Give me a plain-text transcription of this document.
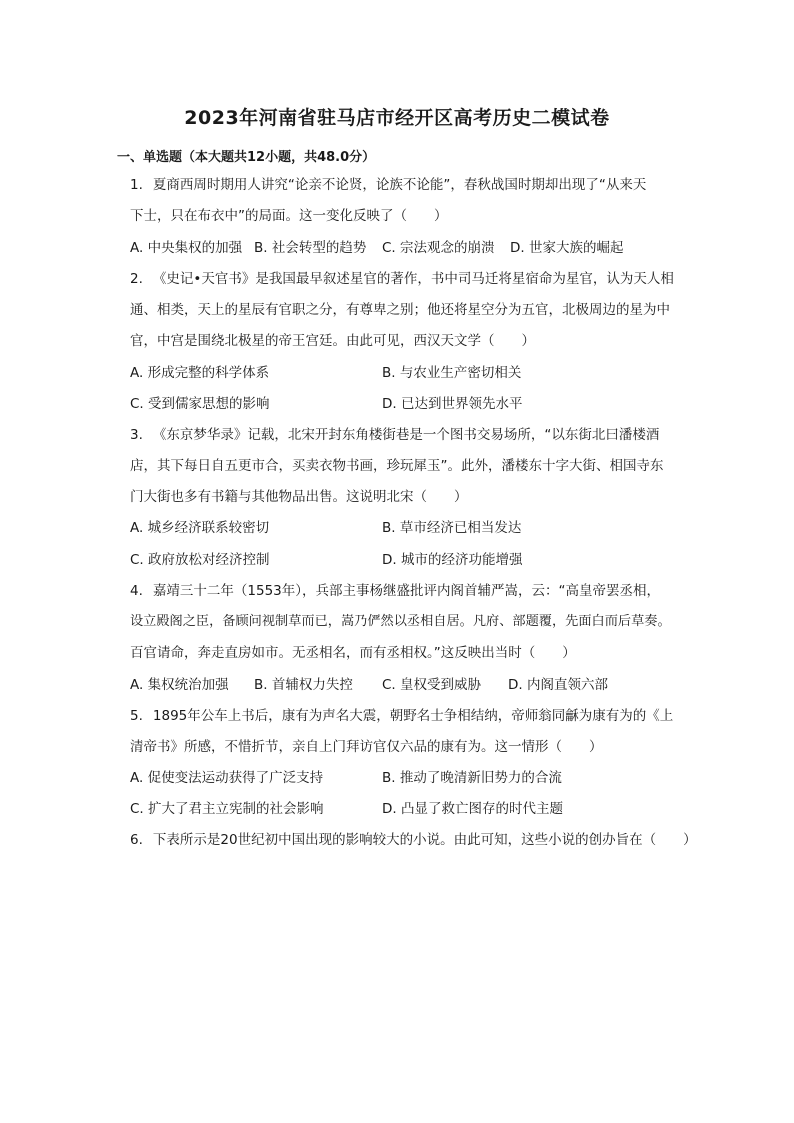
2023年河南省驻马店市经开区高考历史二模试卷
一、单选题（本大题共12小题，共48.0分）
1. 夏商西周时期用人讲究“论亲不论贤，论族不论能”，春秋战国时期却出现了“从来天
下士，只在布衣中”的局面。这一变化反映了（　　）
A. 中央集权的加强 B. 社会转型的趋势 C. 宗法观念的崩溃 D. 世家大族的崛起
2. 《史记•天官书》是我国最早叙述星官的著作，书中司马迁将星宿命为星官，认为天人相
通、相类，天上的星辰有官职之分，有尊卑之别；他还将星空分为五官，北极周边的星为中
官，中宫是围绕北极星的帝王宫廷。由此可见，西汉天文学（　　）
A. 形成完整的科学体系	B. 与农业生产密切相关
C. 受到儒家思想的影响	D. 已达到世界领先水平
3. 《东京梦华录》记载，北宋开封东角楼街巷是一个图书交易场所，“以东街北曰潘楼酒
店，其下每日自五更市合，买卖衣物书画，珍玩犀玉”。此外，潘楼东十字大街、相国寺东
门大街也多有书籍与其他物品出售。这说明北宋（　　）
A. 城乡经济联系较密切	B. 草市经济已相当发达
C. 政府放松对经济控制	D. 城市的经济功能增强
4. 嘉靖三十二年（1553年），兵部主事杨继盛批评内阁首辅严嵩，云：“高皇帝罢丞相，
设立殿阁之臣，备顾问视制草而已，嵩乃俨然以丞相自居。凡府、部题覆，先面白而后草奏。
百官请命，奔走直房如市。无丞相名，而有丞相权。”这反映出当时（　　）
A. 集权统治加强 B. 首辅权力失控 C. 皇权受到威胁 D. 内阁直领六部
5. 1895年公车上书后，康有为声名大震，朝野名士争相结纳，帝师翁同龢为康有为的《上
清帝书》所感，不惜折节，亲自上门拜访官仅六品的康有为。这一情形（　　）
A. 促使变法运动获得了广泛支持	B. 推动了晚清新旧势力的合流
C. 扩大了君主立宪制的社会影响	D. 凸显了救亡图存的时代主题
6. 下表所示是20世纪初中国出现的影响较大的小说。由此可知，这些小说的创办旨在（　　）
